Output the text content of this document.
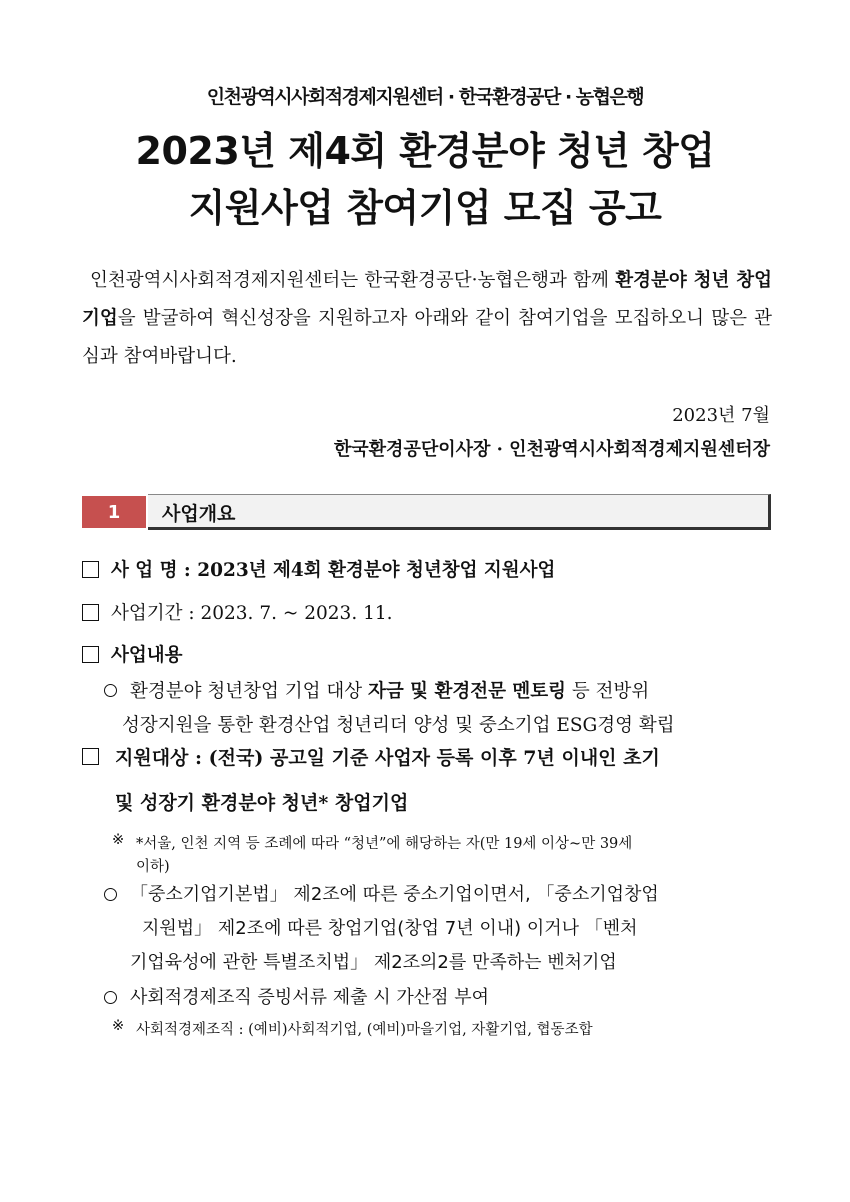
인천광역시사회적경제지원센터 · 한국환경공단 · 농협은행
2023년 제4회 환경분야 청년 창업
지원사업 참여기업 모집 공고
인천광역시사회적경제지원센터는 한국환경공단·농협은행과 함께 환경분야 청년 창업기업을 발굴하여 혁신성장을 지원하고자 아래와 같이 참여기업을 모집하오니 많은 관심과 참여바랍니다.
2023년 7월
한국환경공단이사장 · 인천광역시사회적경제지원센터장
1	사업개요
사 업 명 : 2023년 제4회 환경분야 청년창업 지원사업
사업기간 : 2023. 7. ~ 2023. 11.
사업내용
환경분야 청년창업 기업 대상 자금 및 환경전문 멘토링 등 전방위
성장지원을 통한 환경산업 청년리더 양성 및 중소기업 ESG경영 확립
지원대상 : (전국) 공고일 기준 사업자 등록 이후 7년 이내인 초기
및 성장기 환경분야 청년* 창업기업
※ *서울, 인천 지역 등 조례에 따라 “청년”에 해당하는 자(만 19세 이상~만 39세
이하)
「중소기업기본법」 제2조에 따른 중소기업이면서, 「중소기업창업
지원법」 제2조에 따른 창업기업(창업 7년 이내) 이거나 「벤처
기업육성에 관한 특별조치법」 제2조의2를 만족하는 벤처기업
사회적경제조직 증빙서류 제출 시 가산점 부여
※ 사회적경제조직 : (예비)사회적기업, (예비)마을기업, 자활기업, 협동조합
